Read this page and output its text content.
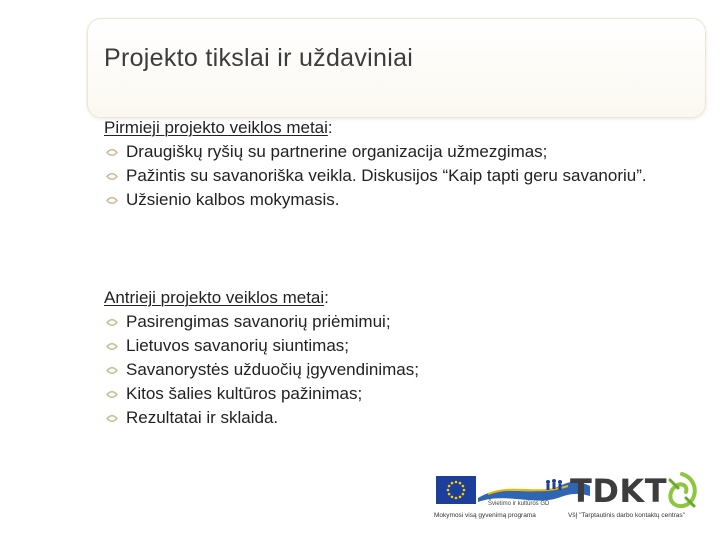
Projekto tikslai ir uždaviniai
Pirmieji projekto veiklos metai:
Draugiškų ryšių su partnerine organizacija užmezgimas;
Pažintis su savanoriška veikla. Diskusijos “Kaip tapti geru savanoriu”.
Užsienio kalbos mokymasis.
Antrieji projekto veiklos metai:
Pasirengimas savanorių priėmimui;
Lietuvos savanorių siuntimas;
Savanorystės užduočių įgyvendinimas;
Kitos šalies kultūros pažinimas;
Rezultatai ir sklaida.
Švietimo ir kultūros GD
Mokymosi visą gyvenimą programa
TDKT
VšĮ "Tarptautinis darbo kontaktų centras"
